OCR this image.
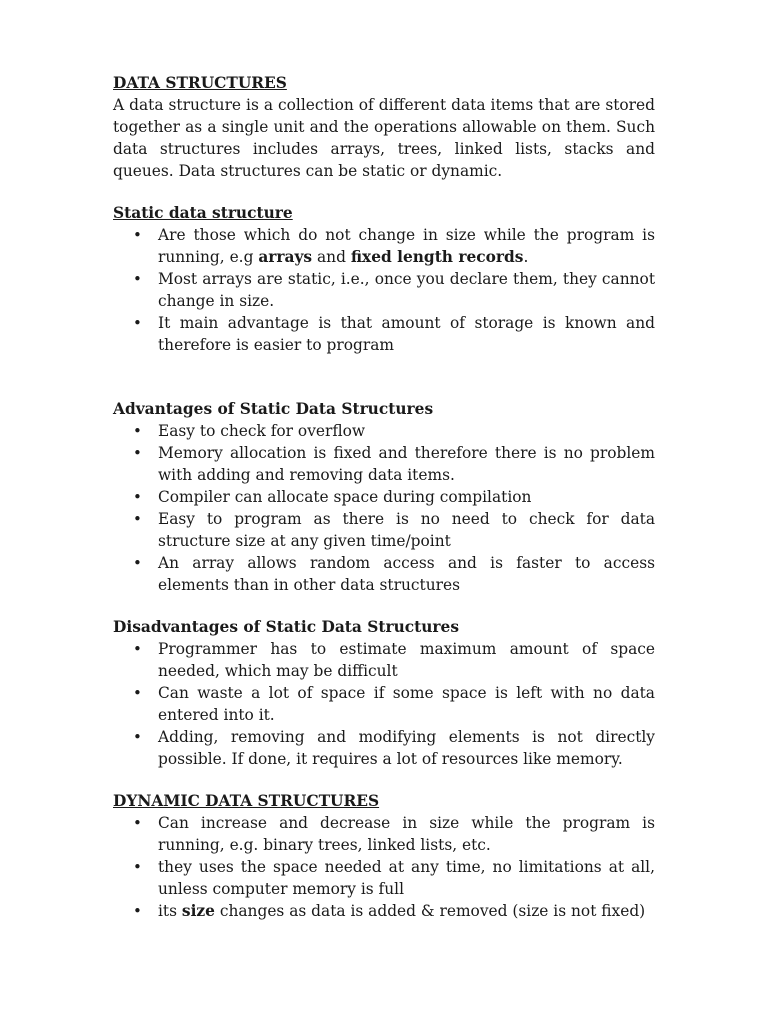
DATA STRUCTURES

A data structure is a collection of different data items that are stored together as a single unit and the operations allowable on them. Such data structures includes arrays, trees, linked lists, stacks and queues. Data structures can be static or dynamic.

Static data structure

• Are those which do not change in size while the program is running, e.g arrays and fixed length records.
• Most arrays are static, i.e., once you declare them, they cannot change in size.
• It main advantage is that amount of storage is known and therefore is easier to program

Advantages of Static Data Structures

• Easy to check for overflow
• Memory allocation is fixed and therefore there is no problem with adding and removing data items.
• Compiler can allocate space during compilation
• Easy to program as there is no need to check for data structure size at any given time/point
• An array allows random access and is faster to access elements than in other data structures

Disadvantages of Static Data Structures

• Programmer has to estimate maximum amount of space needed, which may be difficult
• Can waste a lot of space if some space is left with no data entered into it.
• Adding, removing and modifying elements is not directly possible. If done, it requires a lot of resources like memory.

DYNAMIC DATA STRUCTURES

• Can increase and decrease in size while the program is running, e.g. binary trees, linked lists, etc.
• they uses the space needed at any time, no limitations at all, unless computer memory is full
• its size changes as data is added & removed (size is not fixed)
